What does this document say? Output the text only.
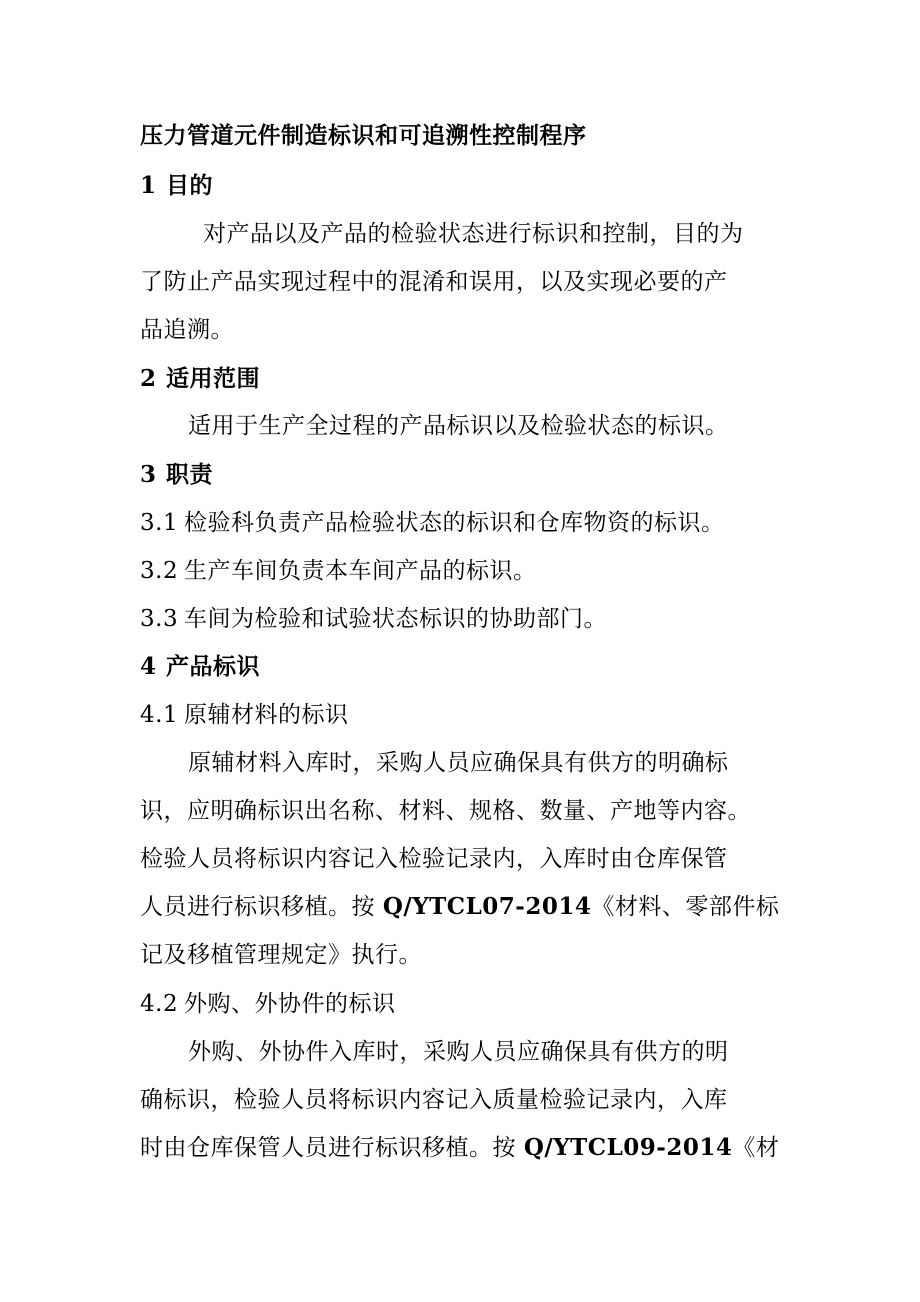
压力管道元件制造标识和可追溯性控制程序
1 目的
对产品以及产品的检验状态进行标识和控制，目的为
了防止产品实现过程中的混淆和误用，以及实现必要的产
品追溯。
2 适用范围
适用于生产全过程的产品标识以及检验状态的标识。
3 职责
3.1 检验科负责产品检验状态的标识和仓库物资的标识。
3.2 生产车间负责本车间产品的标识。
3.3 车间为检验和试验状态标识的协助部门。
4 产品标识
4.1 原辅材料的标识
原辅材料入库时，采购人员应确保具有供方的明确标
识，应明确标识出名称、材料、规格、数量、产地等内容。
检验人员将标识内容记入检验记录内，入库时由仓库保管
人员进行标识移植。按 Q/YTCL07-2014《材料、零部件标
记及移植管理规定》执行。
4.2 外购、外协件的标识
外购、外协件入库时，采购人员应确保具有供方的明
确标识，检验人员将标识内容记入质量检验记录内，入库
时由仓库保管人员进行标识移植。按 Q/YTCL09-2014《材
